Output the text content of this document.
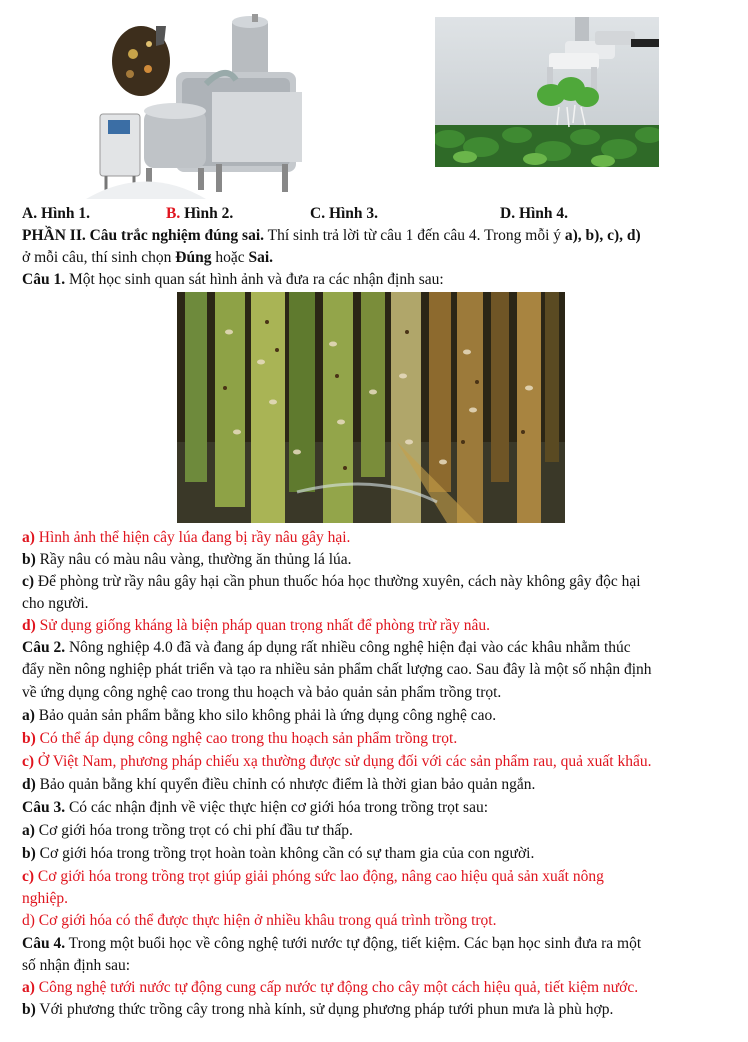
A. Hình 1.	B. Hình 2.	C. Hình 3.	D. Hình 4.
PHẦN II. Câu trắc nghiệm đúng sai. Thí sinh trả lời từ câu 1 đến câu 4. Trong mỗi ý a), b), c), d)
ở mỗi câu, thí sinh chọn Đúng hoặc Sai.
Câu 1. Một học sinh quan sát hình ảnh và đưa ra các nhận định sau:
a) Hình ảnh thể hiện cây lúa đang bị rầy nâu gây hại.
b) Rầy nâu có màu nâu vàng, thường ăn thủng lá lúa.
c) Để phòng trừ rầy nâu gây hại cần phun thuốc hóa học thường xuyên, cách này không gây độc hại
cho người.
d) Sử dụng giống kháng là biện pháp quan trọng nhất để phòng trừ rầy nâu.
Câu 2. Nông nghiệp 4.0 đã và đang áp dụng rất nhiều công nghệ hiện đại vào các khâu nhằm thúc
đẩy nền nông nghiệp phát triển và tạo ra nhiều sản phẩm chất lượng cao. Sau đây là một số nhận định
về ứng dụng công nghệ cao trong thu hoạch và bảo quản sản phẩm trồng trọt.
a) Bảo quản sản phẩm bằng kho silo không phải là ứng dụng công nghệ cao.
b) Có thể áp dụng công nghệ cao trong thu hoạch sản phẩm trồng trọt.
c) Ở Việt Nam, phương pháp chiếu xạ thường được sử dụng đối với các sản phẩm rau, quả xuất khẩu.
d) Bảo quản bằng khí quyển điều chỉnh có nhược điểm là thời gian bảo quản ngắn.
Câu 3. Có các nhận định về việc thực hiện cơ giới hóa trong trồng trọt sau:
a) Cơ giới hóa trong trồng trọt có chi phí đầu tư thấp.
b) Cơ giới hóa trong trồng trọt hoàn toàn không cần có sự tham gia của con người.
c) Cơ giới hóa trong trồng trọt giúp giải phóng sức lao động, nâng cao hiệu quả sản xuất nông
nghiệp.
d) Cơ giới hóa có thể được thực hiện ở nhiều khâu trong quá trình trồng trọt.
Câu 4. Trong một buổi học về công nghệ tưới nước tự động, tiết kiệm. Các bạn học sinh đưa ra một
số nhận định sau:
a) Công nghệ tưới nước tự động cung cấp nước tự động cho cây một cách hiệu quả, tiết kiệm nước.
b) Với phương thức trồng cây trong nhà kính, sử dụng phương pháp tưới phun mưa là phù hợp.
